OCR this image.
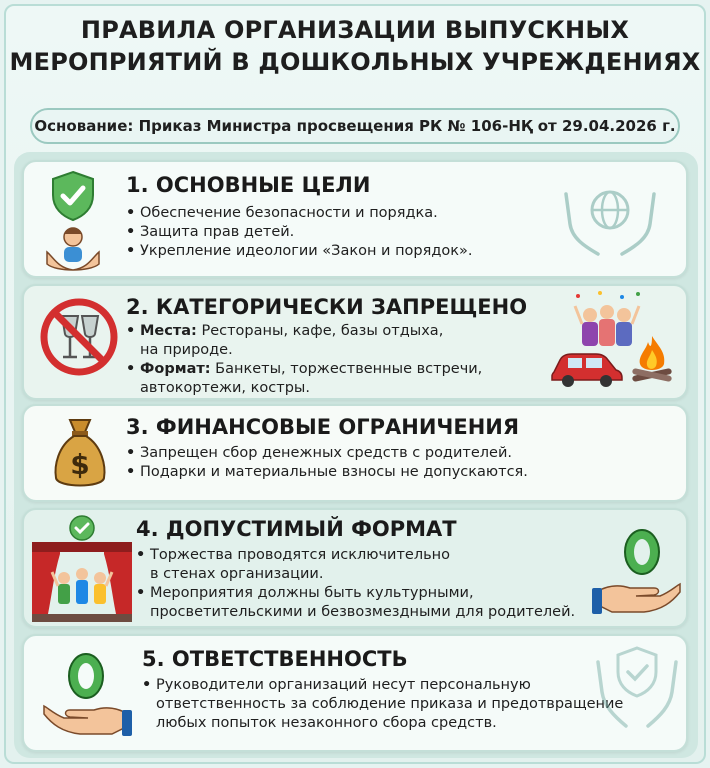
ПРАВИЛА ОРГАНИЗАЦИИ ВЫПУСКНЫХ
МЕРОПРИЯТИЙ В ДОШКОЛЬНЫХ УЧРЕЖДЕНИЯХ
Основание: Приказ Министра просвещения РК № 106-НҚ от 29.04.2026 г.
1. ОСНОВНЫЕ ЦЕЛИ
• Обеспечение безопасности и порядка.
• Защита прав детей.
• Укрепление идеологии «Закон и порядок».
2. КАТЕГОРИЧЕСКИ ЗАПРЕЩЕНО
• Места: Рестораны, кафе, базы отдыха,
на природе.
• Формат: Банкеты, торжественные встречи,
автокортежи, костры.
$
3. ФИНАНСОВЫЕ ОГРАНИЧЕНИЯ
• Запрещен сбор денежных средств с родителей.
• Подарки и материальные взносы не допускаются.
4. ДОПУСТИМЫЙ ФОРМАТ
• Торжества проводятся исключительно
в стенах организации.
• Мероприятия должны быть культурными,
просветительскими и безвозмездными для родителей.
5. ОТВЕТСТВЕННОСТЬ
• Руководители организаций несут персональную
ответственность за соблюдение приказа и предотвращение
любых попыток незаконного сбора средств.
